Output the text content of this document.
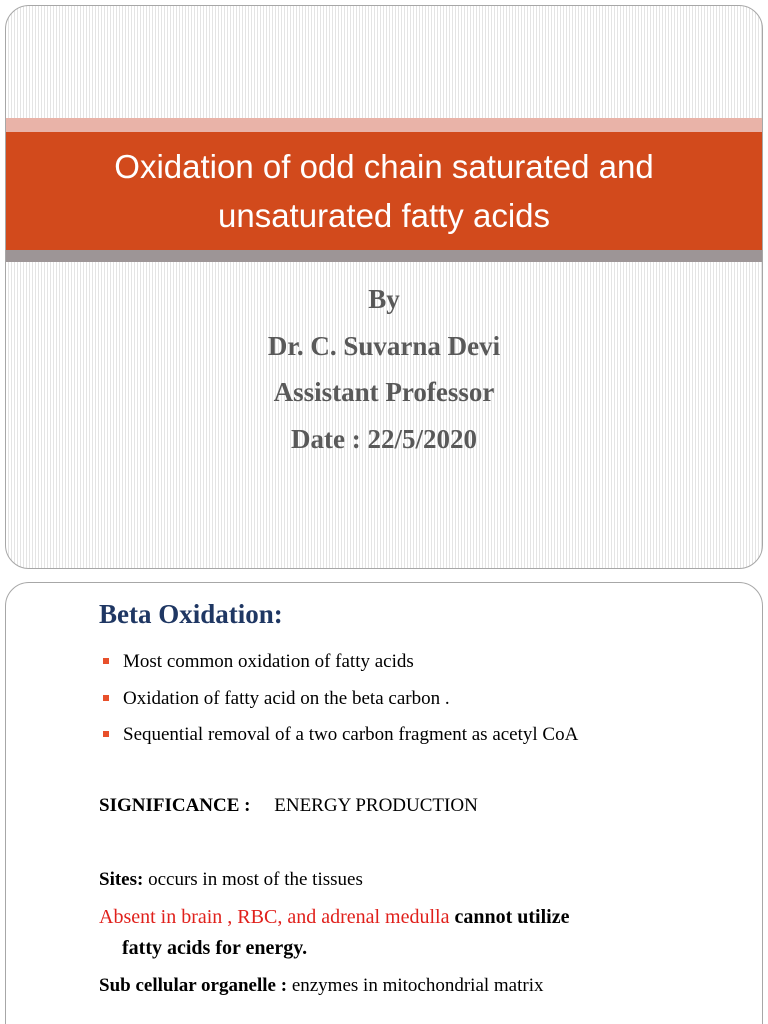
Oxidation of odd chain saturated and
unsaturated fatty acids
By
Dr. C. Suvarna Devi
Assistant Professor
Date : 22/5/2020
Beta Oxidation:
Most common oxidation of fatty acids
Oxidation of fatty acid on the beta carbon .
Sequential removal of a two carbon fragment as acetyl CoA

SIGNIFICANCE : ENERGY PRODUCTION

Sites: occurs in most of the tissues

Absent in brain , RBC, and adrenal medulla cannot utilize

fatty acids for energy.

Sub cellular organelle : enzymes in mitochondrial matrix
